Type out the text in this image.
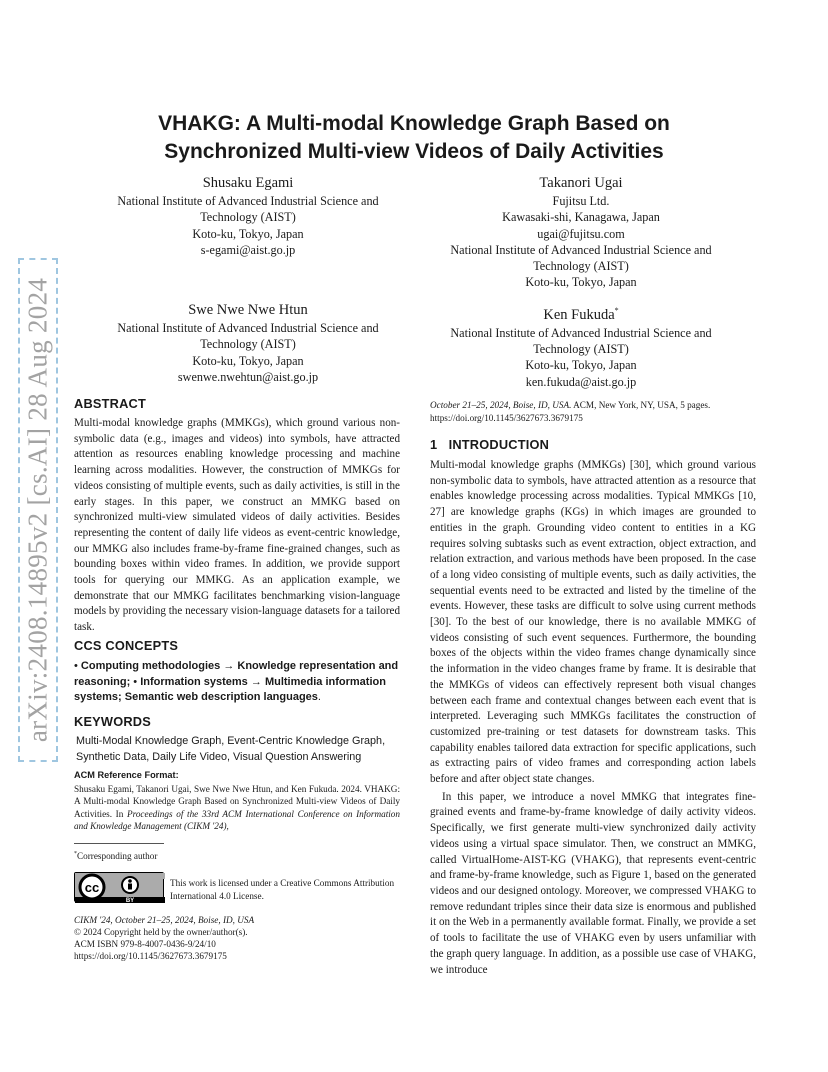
arXiv:2408.14895v2 [cs.AI] 28 Aug 2024
VHAKG: A Multi-modal Knowledge Graph Based on
Synchronized Multi-view Videos of Daily Activities
Shusaku Egami
National Institute of Advanced Industrial Science and
Technology (AIST)
Koto-ku, Tokyo, Japan
s-egami@aist.go.jp
Takanori Ugai
Fujitsu Ltd.
Kawasaki-shi, Kanagawa, Japan
ugai@fujitsu.com
National Institute of Advanced Industrial Science and
Technology (AIST)
Koto-ku, Tokyo, Japan
Swe Nwe Nwe Htun
National Institute of Advanced Industrial Science and
Technology (AIST)
Koto-ku, Tokyo, Japan
swenwe.nwehtun@aist.go.jp
Ken Fukuda*
National Institute of Advanced Industrial Science and
Technology (AIST)
Koto-ku, Tokyo, Japan
ken.fukuda@aist.go.jp
ABSTRACT

Multi-modal knowledge graphs (MMKGs), which ground various non-symbolic data (e.g., images and videos) into symbols, have attracted attention as resources enabling knowledge processing and machine learning across modalities. However, the construction of MMKGs for videos consisting of multiple events, such as daily activities, is still in the early stages. In this paper, we construct an MMKG based on synchronized multi-view simulated videos of daily activities. Besides representing the content of daily life videos as event-centric knowledge, our MMKG also includes frame-by-frame fine-grained changes, such as bounding boxes within video frames. In addition, we provide support tools for querying our MMKG. As an application example, we demonstrate that our MMKG facilitates benchmarking vision-language models by providing the necessary vision-language datasets for a tailored task.

CCS CONCEPTS

• Computing methodologies → Knowledge representation and reasoning; • Information systems → Multimedia information systems; Semantic web description languages.

KEYWORDS

Multi-Modal Knowledge Graph, Event-Centric Knowledge Graph, Synthetic Data, Daily Life Video, Visual Question Answering

ACM Reference Format:

Shusaku Egami, Takanori Ugai, Swe Nwe Nwe Htun, and Ken Fukuda. 2024. VHAKG: A Multi-modal Knowledge Graph Based on Synchronized Multi-view Videos of Daily Activities. In Proceedings of the 33rd ACM International Conference on Information and Knowledge Management (CIKM '24),

*Corresponding author
cc
BY
This work is licensed under a Creative Commons Attribution International 4.0 License.
CIKM '24, October 21–25, 2024, Boise, ID, USA
© 2024 Copyright held by the owner/author(s).
ACM ISBN 979-8-4007-0436-9/24/10
https://doi.org/10.1145/3627673.3679175
October 21–25, 2024, Boise, ID, USA. ACM, New York, NY, USA, 5 pages. https://doi.org/10.1145/3627673.3679175
1   INTRODUCTION

Multi-modal knowledge graphs (MMKGs) [30], which ground various non-symbolic data to symbols, have attracted attention as a resource that enables knowledge processing across modalities. Typical MMKGs [10, 27] are knowledge graphs (KGs) in which images are grounded to entities in the graph. Grounding video content to entities in a KG requires solving subtasks such as event extraction, object extraction, and relation extraction, and various methods have been proposed. In the case of a long video consisting of multiple events, such as daily activities, the sequential events need to be extracted and listed by the timeline of the events. However, these tasks are difficult to solve using current methods [30]. To the best of our knowledge, there is no available MMKG of videos consisting of such event sequences. Furthermore, the bounding boxes of the objects within the video frames change dynamically since the information in the video changes frame by frame. It is desirable that the MMKGs of videos can effectively represent both visual changes between each frame and contextual changes between each event that is interpreted. Leveraging such MMKGs facilitates the construction of customized pre-training or test datasets for downstream tasks. This capability enables tailored data extraction for specific applications, such as extracting pairs of video frames and corresponding action labels before and after object state changes.

In this paper, we introduce a novel MMKG that integrates fine-grained events and frame-by-frame knowledge of daily activity videos. Specifically, we first generate multi-view synchronized daily activity videos using a virtual space simulator. Then, we construct an MMKG, called VirtualHome-AIST-KG (VHAKG), that represents event-centric and frame-by-frame knowledge, such as Figure 1, based on the generated videos and our designed ontology. Moreover, we compressed VHAKG to remove redundant triples since their data size is enormous and published it on the Web in a permanently available format. Finally, we provide a set of tools to facilitate the use of VHAKG even by users unfamiliar with the graph query language. In addition, as a possible use case of VHAKG, we introduce
